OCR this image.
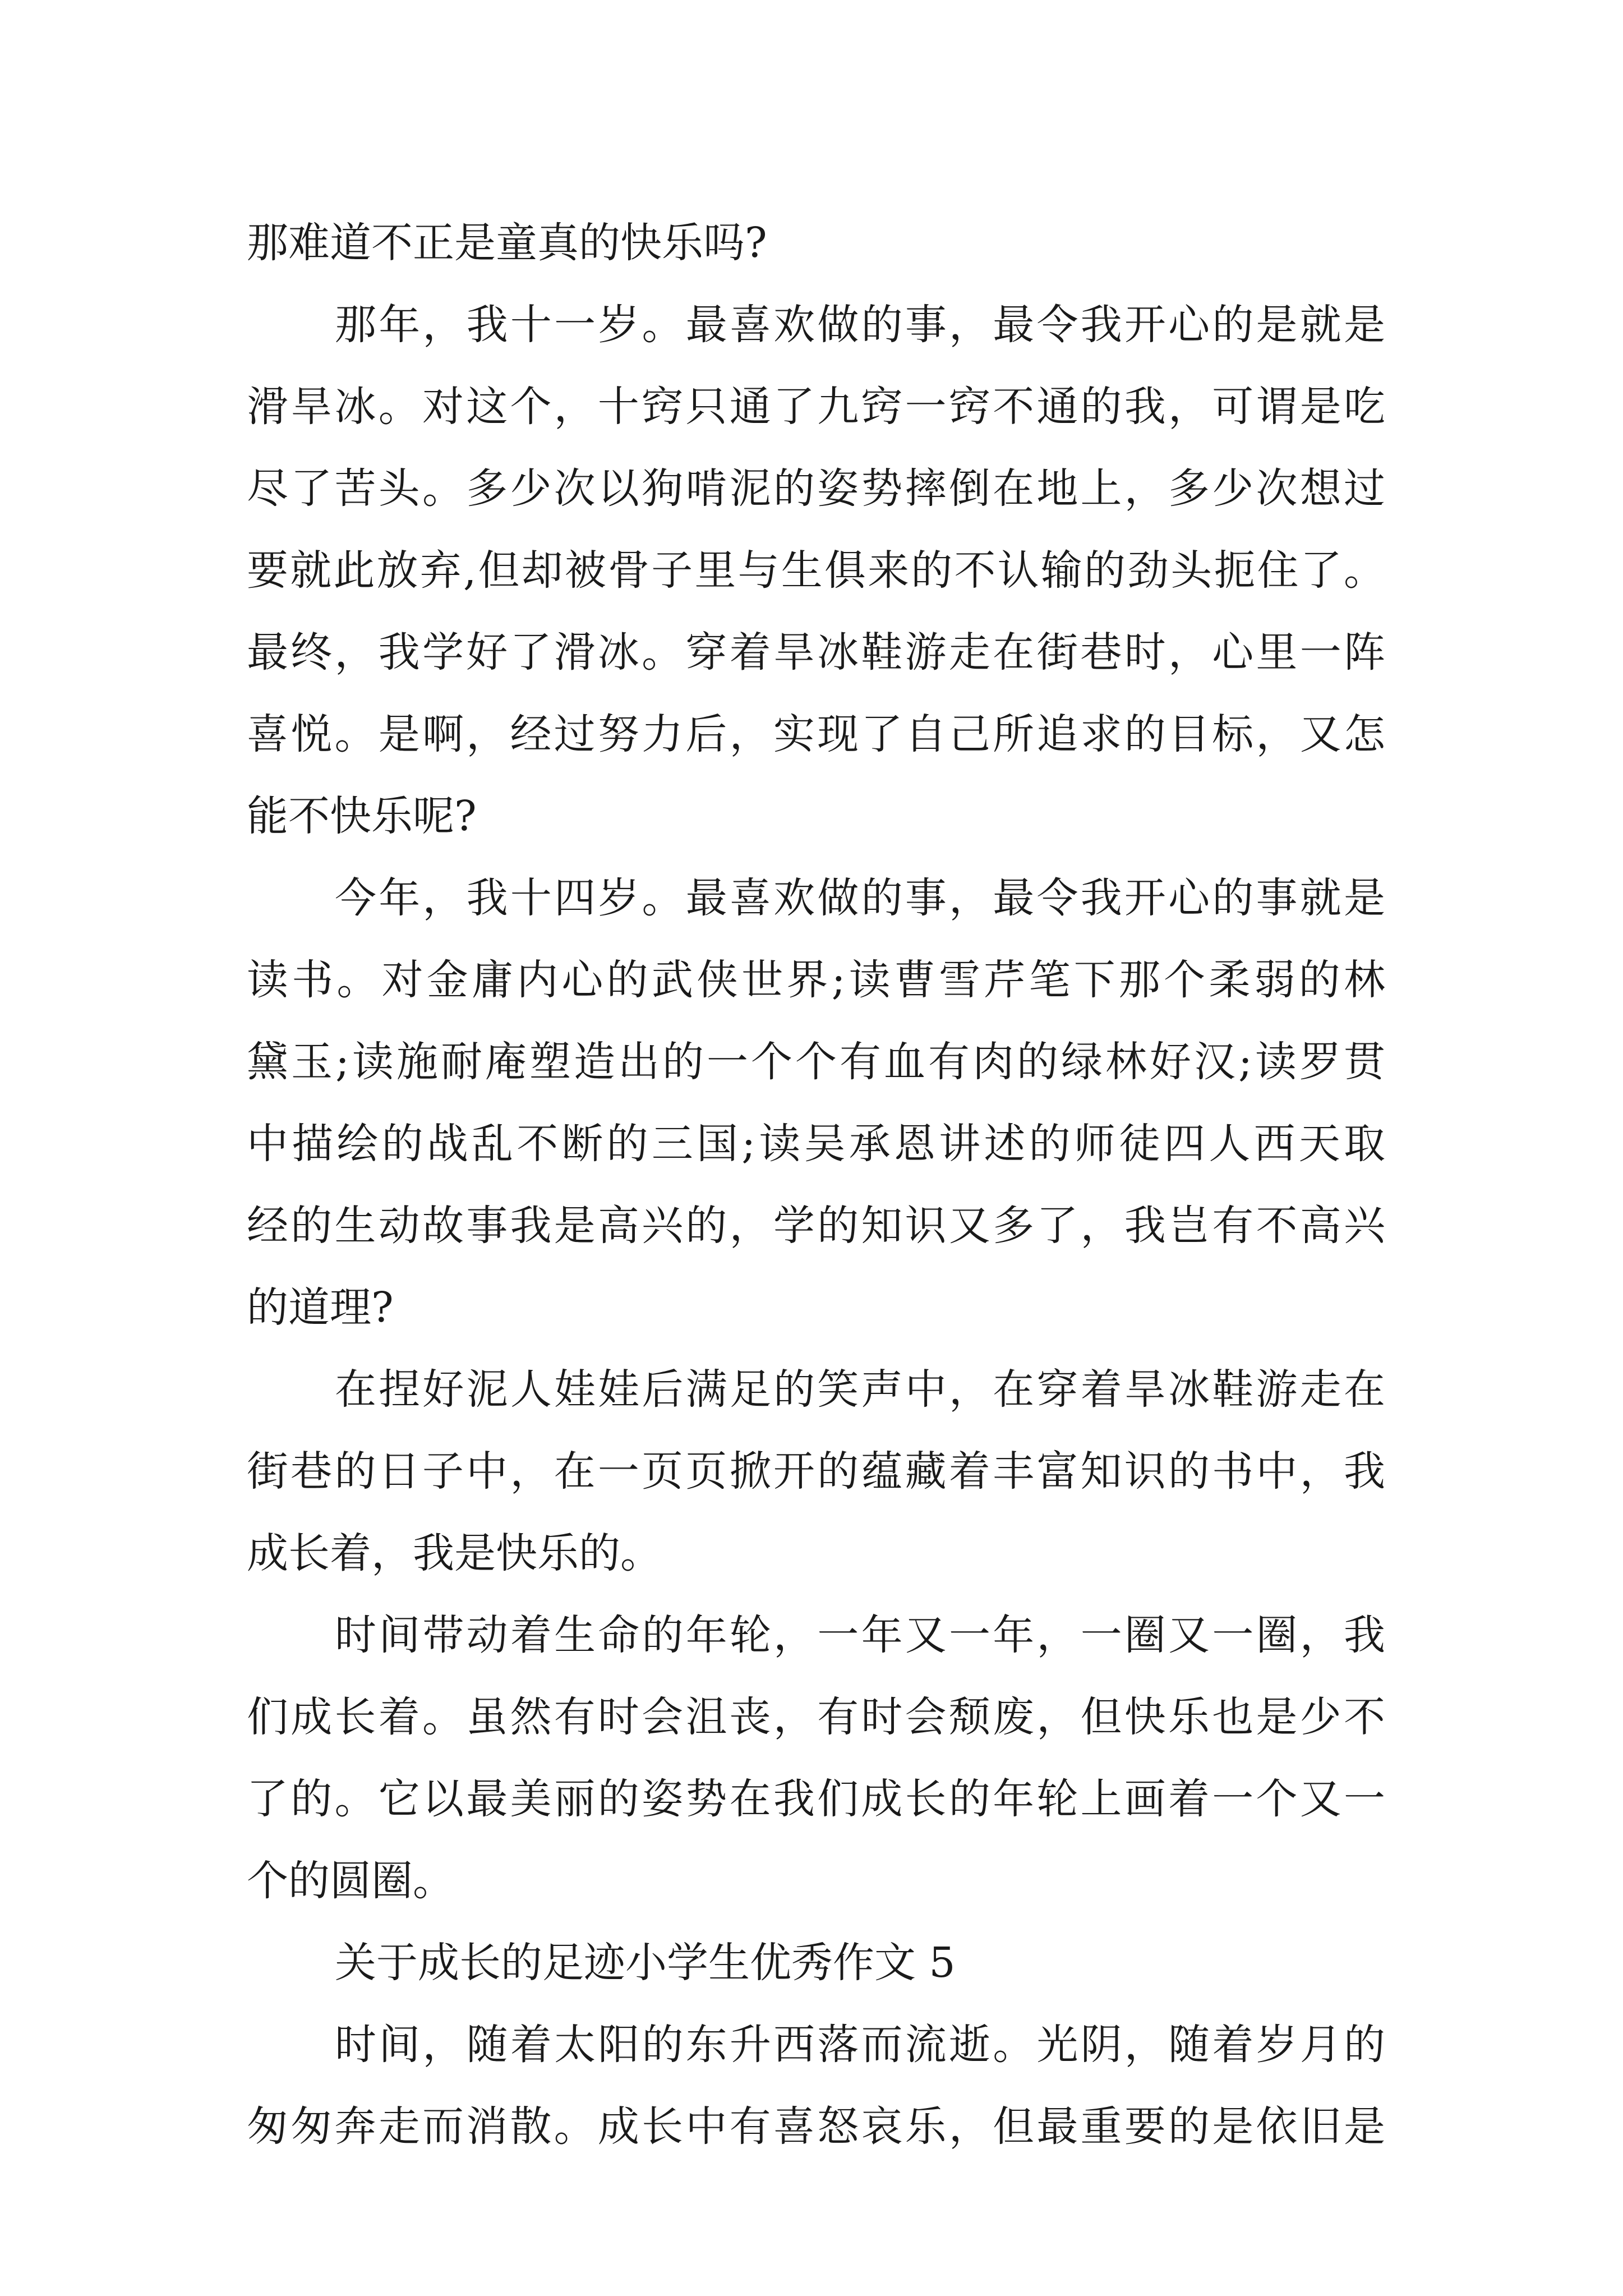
那难道不正是童真的快乐吗?
那年，我十一岁。最喜欢做的事，最令我开心的是就是
滑旱冰。对这个，十窍只通了九窍一窍不通的我，可谓是吃
尽了苦头。多少次以狗啃泥的姿势摔倒在地上，多少次想过
要就此放弃,但却被骨子里与生俱来的不认输的劲头扼住了。
最终，我学好了滑冰。穿着旱冰鞋游走在街巷时，心里一阵
喜悦。是啊，经过努力后，实现了自己所追求的目标，又怎
能不快乐呢?
今年，我十四岁。最喜欢做的事，最令我开心的事就是
读书。对金庸内心的武侠世界;读曹雪芹笔下那个柔弱的林
黛玉;读施耐庵塑造出的一个个有血有肉的绿林好汉;读罗贯
中描绘的战乱不断的三国;读吴承恩讲述的师徒四人西天取
经的生动故事我是高兴的，学的知识又多了，我岂有不高兴
的道理?
在捏好泥人娃娃后满足的笑声中，在穿着旱冰鞋游走在
街巷的日子中，在一页页掀开的蕴藏着丰富知识的书中，我
成长着，我是快乐的。
时间带动着生命的年轮，一年又一年，一圈又一圈，我
们成长着。虽然有时会沮丧，有时会颓废，但快乐也是少不
了的。它以最美丽的姿势在我们成长的年轮上画着一个又一
个的圆圈。
关于成长的足迹小学生优秀作文 5
时间，随着太阳的东升西落而流逝。光阴，随着岁月的
匆匆奔走而消散。成长中有喜怒哀乐，但最重要的是依旧是
